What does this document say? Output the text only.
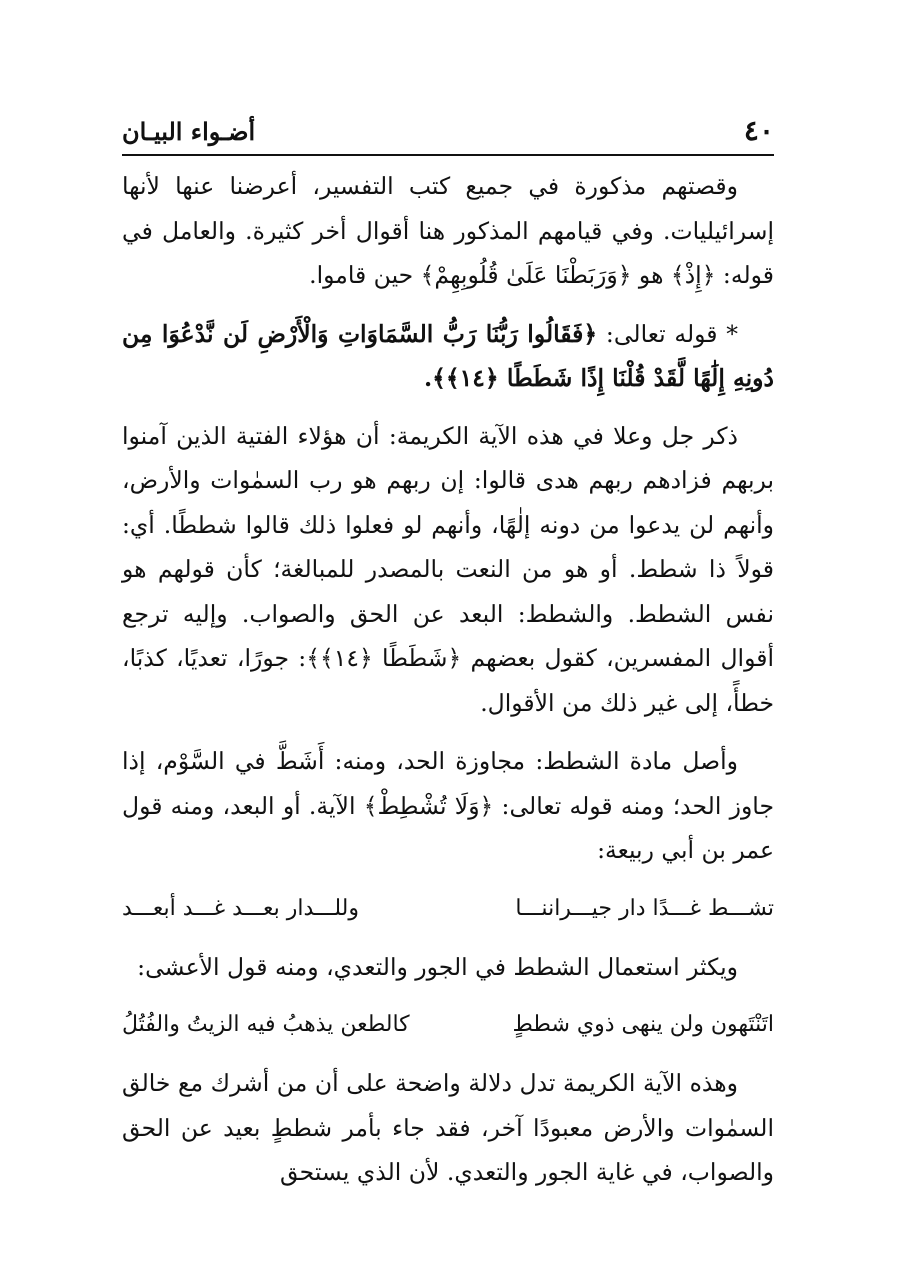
٤٠
أضـواء البيـان

وقصتهم مذكورة في جميع كتب التفسير، أعرضنا عنها لأنها إسرائيليات. وفي قيامهم المذكور هنا أقوال أخر كثيرة. والعامل في قوله: ﴿إِذْ﴾ هو ﴿وَرَبَطْنَا عَلَىٰ قُلُوبِهِمْ﴾ حين قاموا.

* قوله تعالى: ﴿فَقَالُوا رَبُّنَا رَبُّ السَّمَاوَاتِ وَالْأَرْضِ لَن نَّدْعُوَا مِن دُونِهِ إِلَٰهًا لَّقَدْ قُلْنَا إِذًا شَطَطًا ﴿١٤﴾﴾.

ذكر جل وعلا في هذه الآية الكريمة: أن هؤلاء الفتية الذين آمنوا بربهم فزادهم ربهم هدى قالوا: إن ربهم هو رب السمٰوات والأرض، وأنهم لن يدعوا من دونه إلٰهًا، وأنهم لو فعلوا ذلك قالوا شططًا. أي: قولاً ذا شطط. أو هو من النعت بالمصدر للمبالغة؛ كأن قولهم هو نفس الشطط. والشطط: البعد عن الحق والصواب. وإليه ترجع أقوال المفسرين، كقول بعضهم ﴿شَطَطًا ﴿١٤﴾﴾: جورًا، تعديًا، كذبًا، خطأً، إلى غير ذلك من الأقوال.

وأصل مادة الشطط: مجاوزة الحد، ومنه: أَشَطَّ في السَّوْم، إذا جاوز الحد؛ ومنه قوله تعالى: ﴿وَلَا تُشْطِطْ﴾ الآية. أو البعد، ومنه قول عمر بن أبي ربيعة:

تشـــط غـــدًا دار جيـــراننـــا
وللـــدار بعـــد غـــد أبعـــد

ويكثر استعمال الشطط في الجور والتعدي، ومنه قول الأعشى:

اتَنْتَهون ولن ينهى ذوي شططٍ
كالطعن يذهبُ فيه الزيتُ والفُتُلُ

وهذه الآية الكريمة تدل دلالة واضحة على أن من أشرك مع خالق السمٰوات والأرض معبودًا آخر، فقد جاء بأمر شططٍ بعيد عن الحق والصواب، في غاية الجور والتعدي. لأن الذي يستحق
